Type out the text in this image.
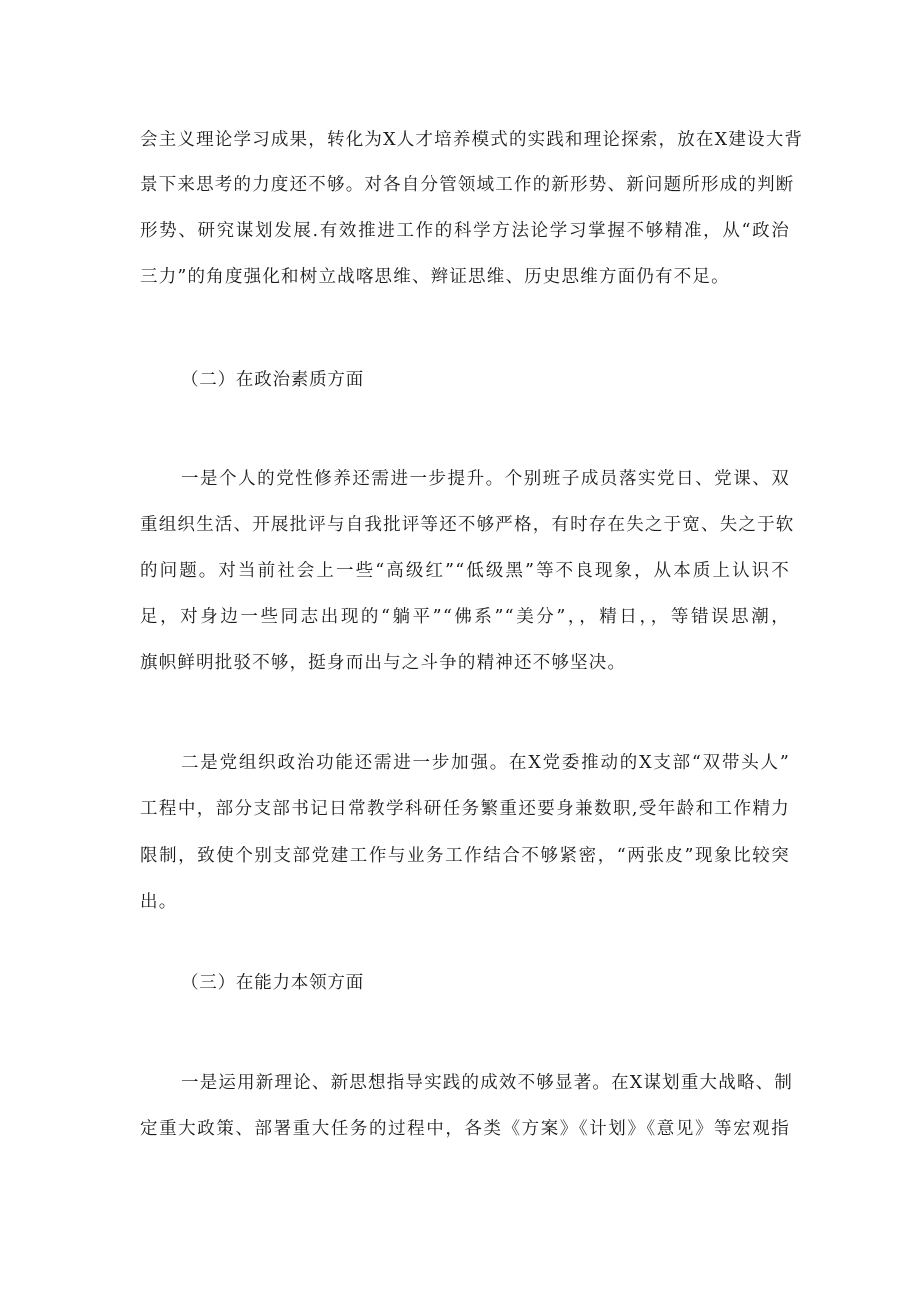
会主义理论学习成果，转化为X人才培养模式的实践和理论探索，放在X建设大背
景下来思考的力度还不够。对各自分管领域工作的新形势、新问题所形成的判断
形势、研究谋划发展.有效推进工作的科学方法论学习掌握不够精准，从“政治
三力”的角度强化和树立战喀思维、辫证思维、历史思维方面仍有不足。
（二）在政治素质方面
一是个人的党性修养还需进一步提升。个别班子成员落实党日、党课、双
重组织生活、开展批评与自我批评等还不够严格，有时存在失之于宽、失之于软
的问题。对当前社会上一些“高级红”“低级黑”等不良现象，从本质上认识不
足，对身边一些同志出现的“躺平”“佛系”“美分”，，精日，，等错误思潮，
旗帜鲜明批驳不够，挺身而出与之斗争的精神还不够坚决。
二是党组织政治功能还需进一步加强。在X党委推动的X支部“双带头人”
工程中，部分支部书记日常教学科研任务繁重还要身兼数职,受年龄和工作精力
限制，致使个别支部党建工作与业务工作结合不够紧密，“两张皮”现象比较突
出。
（三）在能力本领方面
一是运用新理论、新思想指导实践的成效不够显著。在X谋划重大战略、制
定重大政策、部署重大任务的过程中，各类《方案》《计划》《意见》等宏观指
